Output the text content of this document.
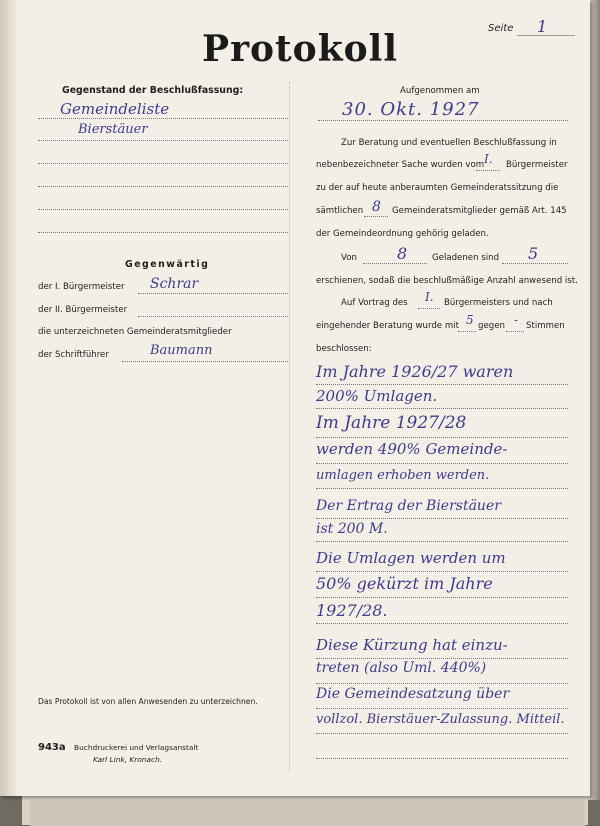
Seite 1
Protokoll
Gegenstand der Beschlußfassung:
Gemeindeliste
Bierstäuer
Gegenwärtig
der I. Bürgermeister Schrar
der II. Bürgermeister
die unterzeichneten Gemeinderatsmitglieder
der Schriftführer	Baumann
Das Protokoll ist von allen Anwesenden zu unterzeichnen.
943a Buchdruckerei und Verlagsanstalt
Karl Link, Kronach.
Aufgenommen am
30. Okt. 1927
Zur Beratung und eventuellen Beschlußfassung in
nebenbezeichneter Sache wurden vom I. Bürgermeister
zu der auf heute anberaumten Gemeinderatssitzung die
sämtlichen 8 Gemeinderatsmitglieder gemäß Art. 145
der Gemeindeordnung gehörig geladen.
Von	8	Geladenen sind 5
erschienen, sodaß die beschlußmäßige Anzahl anwesend ist.
Auf Vortrag des I. Bürgermeisters und nach
eingehender Beratung wurde mit 5 gegen - Stimmen
beschlossen:
Im Jahre 1926/27 waren
200% Umlagen.
Im Jahre 1927/28
werden 490% Gemeinde-
umlagen erhoben werden.
Der Ertrag der Bierstäuer
ist 200 M.
Die Umlagen werden um
50% gekürzt im Jahre
1927/28.
Diese Kürzung hat einzu-
treten (also Uml. 440%)
Die Gemeindesatzung über
vollzol. Bierstäuer-Zulassung. Mitteil.
